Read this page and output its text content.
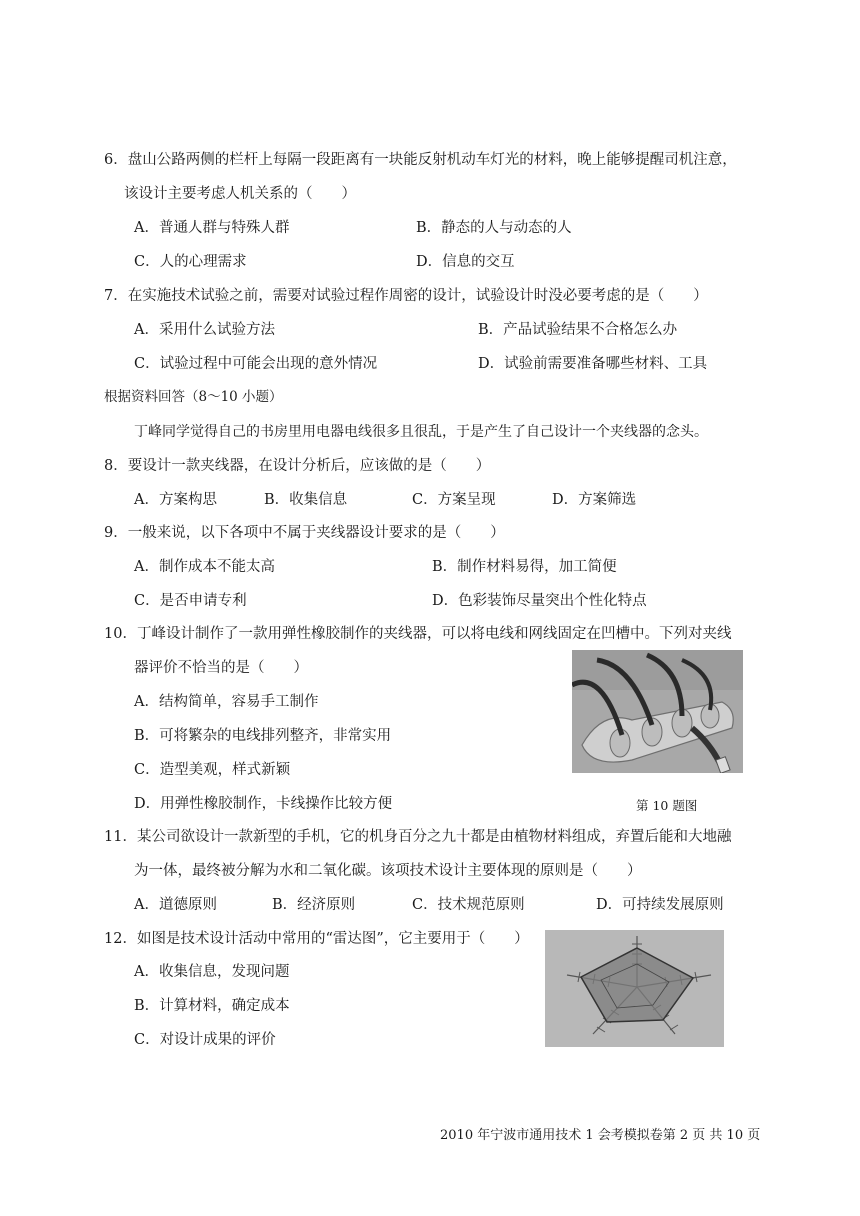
6．盘山公路两侧的栏杆上每隔一段距离有一块能反射机动车灯光的材料，晚上能够提醒司机注意，
该设计主要考虑人机关系的（　　）
A．普通人群与特殊人群	B．静态的人与动态的人
C．人的心理需求	D．信息的交互
7．在实施技术试验之前，需要对试验过程作周密的设计，试验设计时没必要考虑的是（　　）
A．采用什么试验方法	B．产品试验结果不合格怎么办
C．试验过程中可能会出现的意外情况	D．试验前需要准备哪些材料、工具
根据资料回答（8～10 小题）
丁峰同学觉得自己的书房里用电器电线很多且很乱，于是产生了自己设计一个夹线器的念头。
8．要设计一款夹线器，在设计分析后，应该做的是（　　）
A．方案构思	B．收集信息	C．方案呈现	D．方案筛选
9．一般来说，以下各项中不属于夹线器设计要求的是（　　）
A．制作成本不能太高	B．制作材料易得，加工简便
C．是否申请专利	D．色彩装饰尽量突出个性化特点
10．丁峰设计制作了一款用弹性橡胶制作的夹线器，可以将电线和网线固定在凹槽中。下列对夹线
器评价不恰当的是（　　）
A．结构简单，容易手工制作
B．可将繁杂的电线排列整齐，非常实用
C．造型美观，样式新颖
D．用弹性橡胶制作，卡线操作比较方便	第 10 题图
11．某公司欲设计一款新型的手机，它的机身百分之九十都是由植物材料组成，弃置后能和大地融
为一体，最终被分解为水和二氧化碳。该项技术设计主要体现的原则是（　　）
A．道德原则	B．经济原则	C．技术规范原则	D．可持续发展原则
12．如图是技术设计活动中常用的“雷达图”，它主要用于（　　）
A．收集信息，发现问题
B．计算材料，确定成本
C．对设计成果的评价
2010 年宁波市通用技术 1 会考模拟卷第 2 页 共 10 页
